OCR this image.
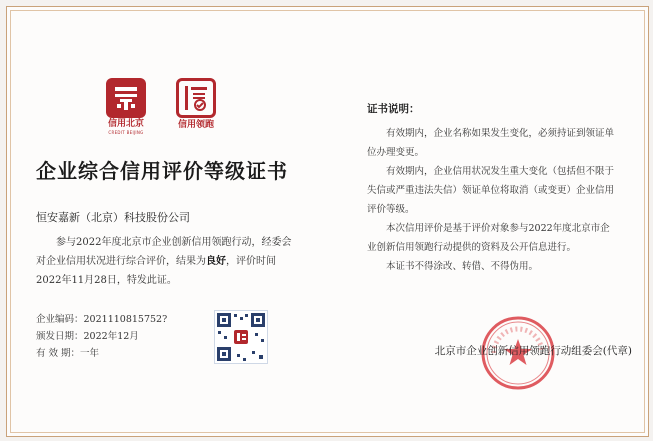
信用北京
CREDIT BEIJING
信用领跑
企业综合信用评价等级证书
恒安嘉新（北京）科技股份公司
参与2022年度北京市企业创新信用领跑行动，经委会对企业信用状况进行综合评价，结果为良好，评价时间2022年11月28日，特发此证。
企业编码：2021110815752?
颁发日期：2022年12月
有 效 期：一年
证书说明：

有效期内，企业名称如果发生变化，必须持证到领证单位办理变更。

有效期内，企业信用状况发生重大变化（包括但不限于失信或严重违法失信）领证单位将取消（或变更）企业信用评价等级。

本次信用评价是基于评价对象参与2022年度北京市企业创新信用领跑行动提供的资料及公开信息进行。

本证书不得涂改、转借、不得伪用。

北京市企业创新信用领跑行动组委会(代章)
